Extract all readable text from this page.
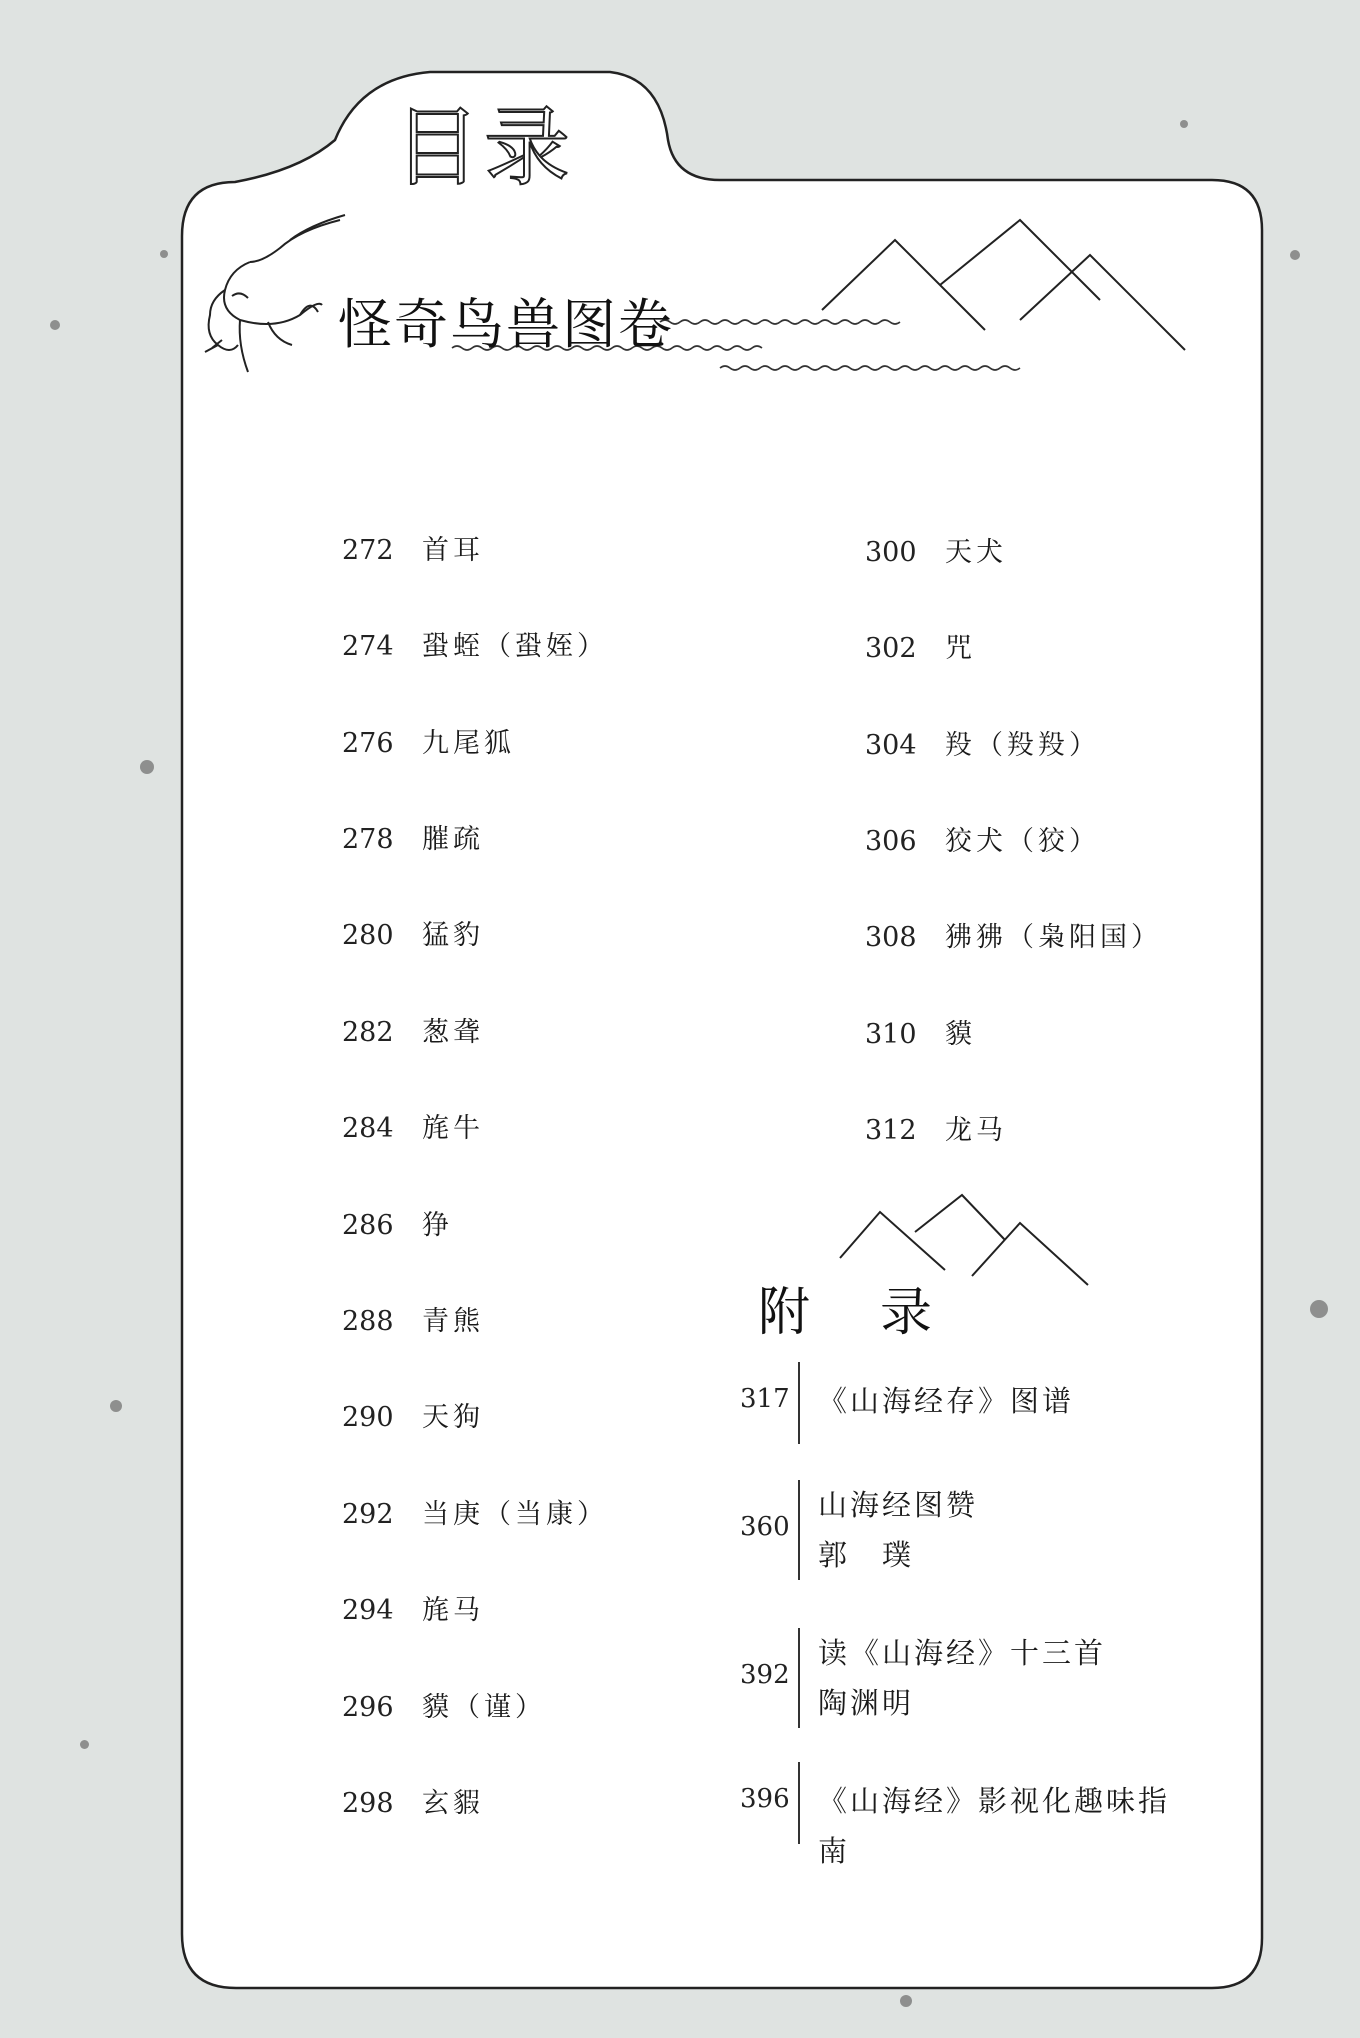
目录
怪奇鸟兽图卷
272	首耳
274	蛩蛭（蛩姪）
276	九尾狐
278	膗疏
280	猛豹
282	葱聋
284	旄牛
286	狰
288	青熊
290	天狗
292	当庚（当康）
294	旄马
296	貘（谨）
298	玄貑
300	天犬
302	咒
304	羖（羖羖）
306	狡犬（狡）
308	狒狒（枭阳国）
310	貘
312	龙马
附录
317 《山海经存》图谱
360
山海经图赞
郭　璞
392
读《山海经》十三首
陶渊明
396 《山海经》影视化趣味指南
